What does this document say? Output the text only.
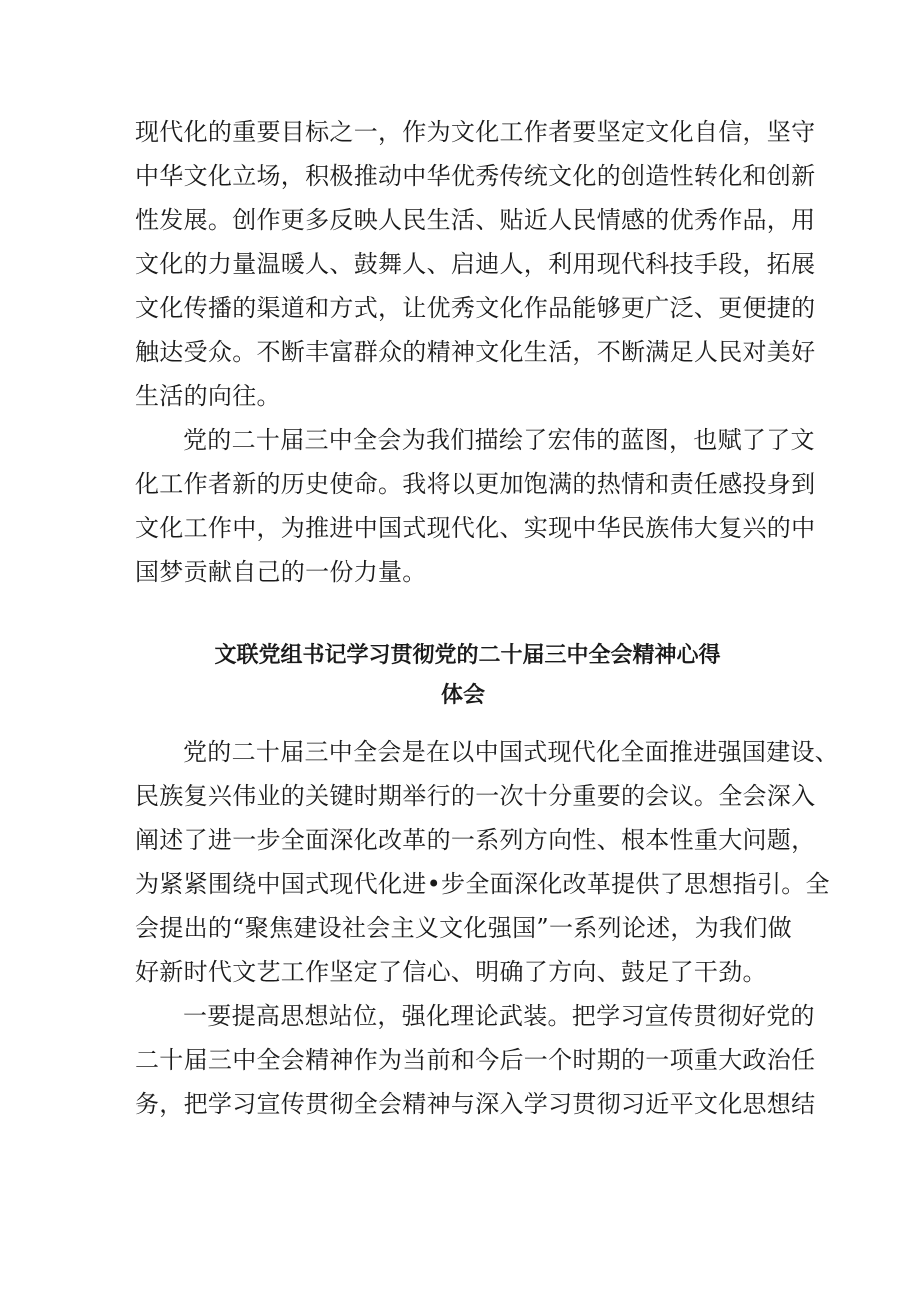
现代化的重要目标之一，作为文化工作者要坚定文化自信，坚守
中华文化立场，积极推动中华优秀传统文化的创造性转化和创新
性发展。创作更多反映人民生活、贴近人民情感的优秀作品，用
文化的力量温暖人、鼓舞人、启迪人，利用现代科技手段，拓展
文化传播的渠道和方式，让优秀文化作品能够更广泛、更便捷的
触达受众。不断丰富群众的精神文化生活，不断满足人民对美好
生活的向往。
党的二十届三中全会为我们描绘了宏伟的蓝图，也赋了了文
化工作者新的历史使命。我将以更加饱满的热情和责任感投身到
文化工作中，为推进中国式现代化、实现中华民族伟大复兴的中
国梦贡献自己的一份力量。
文联党组书记学习贯彻党的二十届三中全会精神心得
体会
党的二十届三中全会是在以中国式现代化全面推进强国建设、
民族复兴伟业的关键时期举行的一次十分重要的会议。全会深入
阐述了进一步全面深化改革的一系列方向性、根本性重大问题，
为紧紧围绕中国式现代化进•步全面深化改革提供了思想指引。全
会提出的“聚焦建设社会主义文化强国”一系列论述，为我们做
好新时代文艺工作坚定了信心、明确了方向、鼓足了干劲。
一要提高思想站位，强化理论武装。把学习宣传贯彻好党的
二十届三中全会精神作为当前和今后一个时期的一项重大政治任
务，把学习宣传贯彻全会精神与深入学习贯彻习近平文化思想结
